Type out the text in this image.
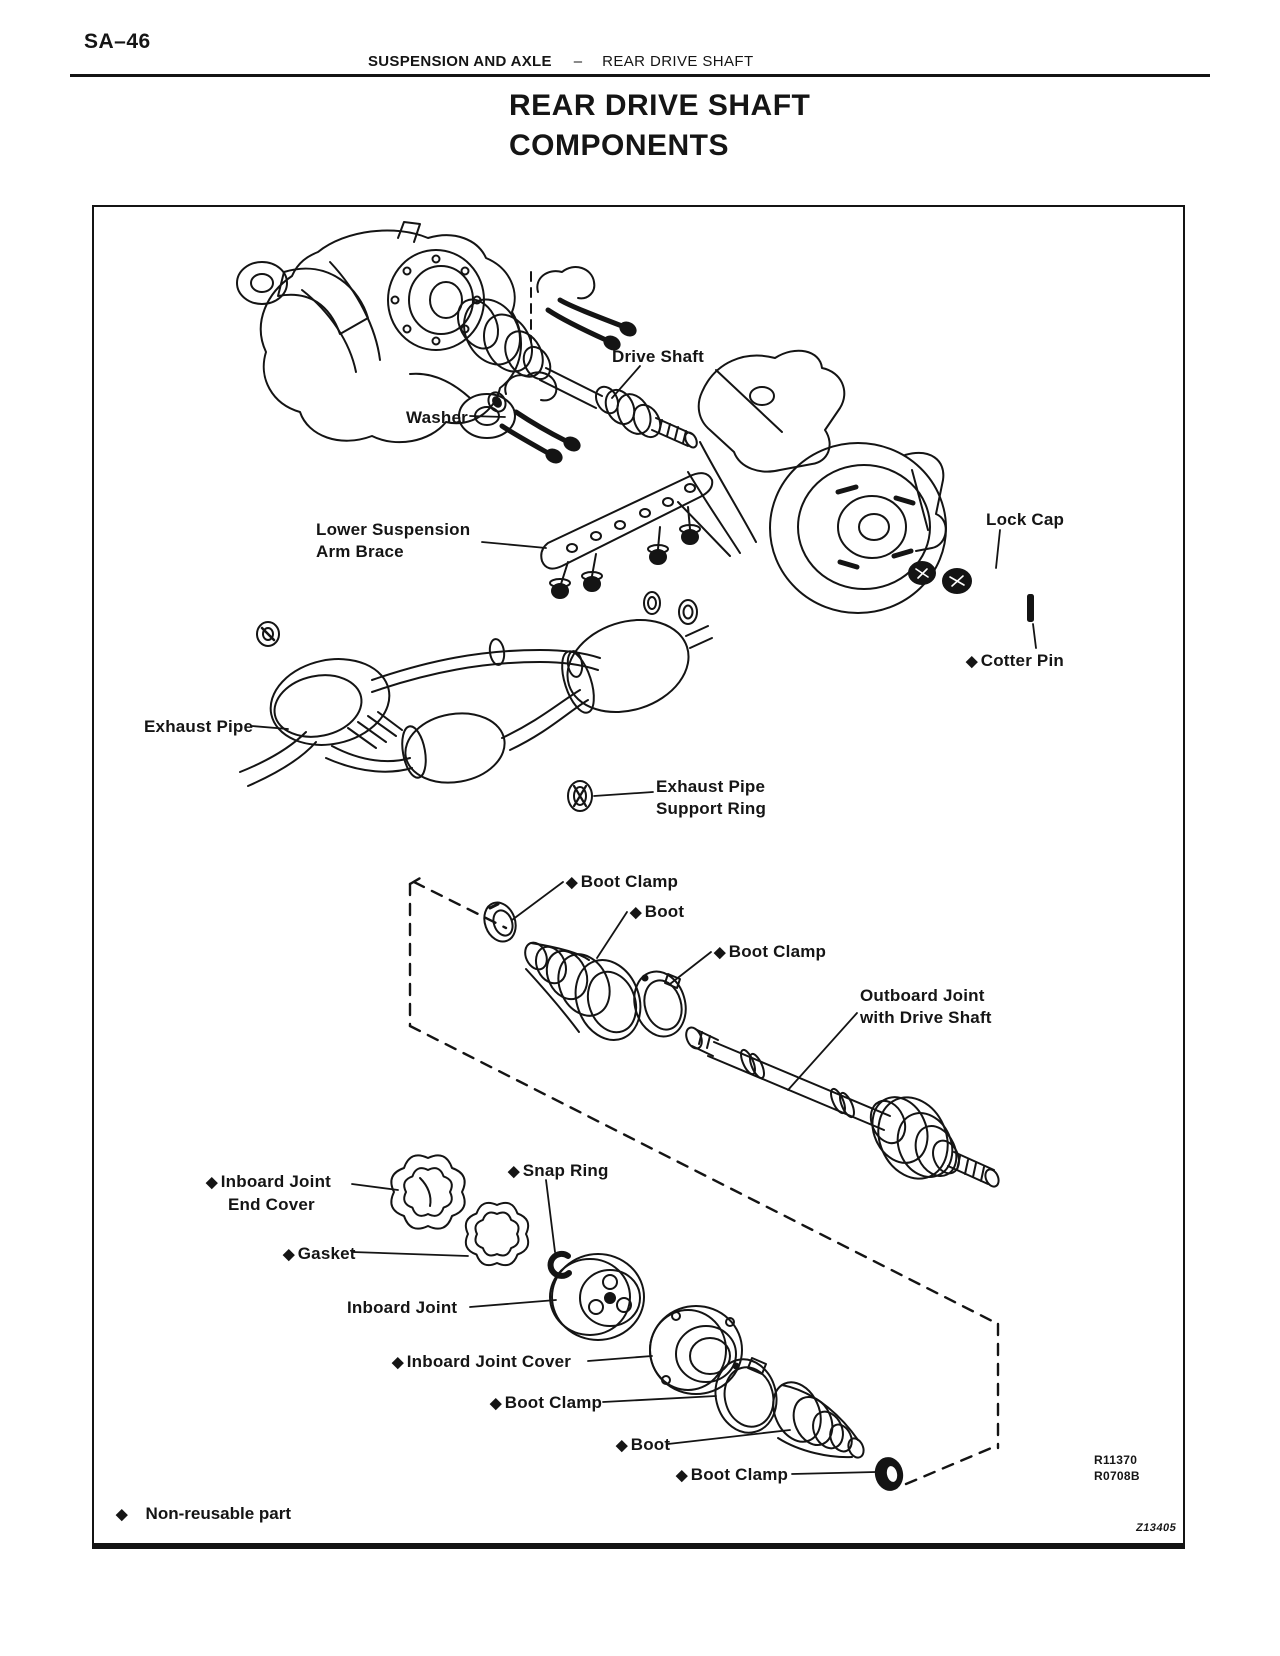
SA–46
SUSPENSION AND AXLE – REAR DRIVE SHAFT
REAR DRIVE SHAFT
COMPONENTS
Drive Shaft
Washer
Lower Suspension
Arm Brace
Lock Cap
◆ Cotter Pin
Exhaust Pipe
Exhaust Pipe
Support Ring
◆ Boot Clamp
◆ Boot
◆ Boot Clamp
Outboard Joint
with Drive Shaft
◆ Inboard Joint
End Cover
◆ Snap Ring
◆ Gasket
Inboard Joint
◆ Inboard Joint Cover
◆ Boot Clamp
◆ Boot
◆ Boot Clamp
R11370
R0708B
◆ Non-reusable part
Z13405
